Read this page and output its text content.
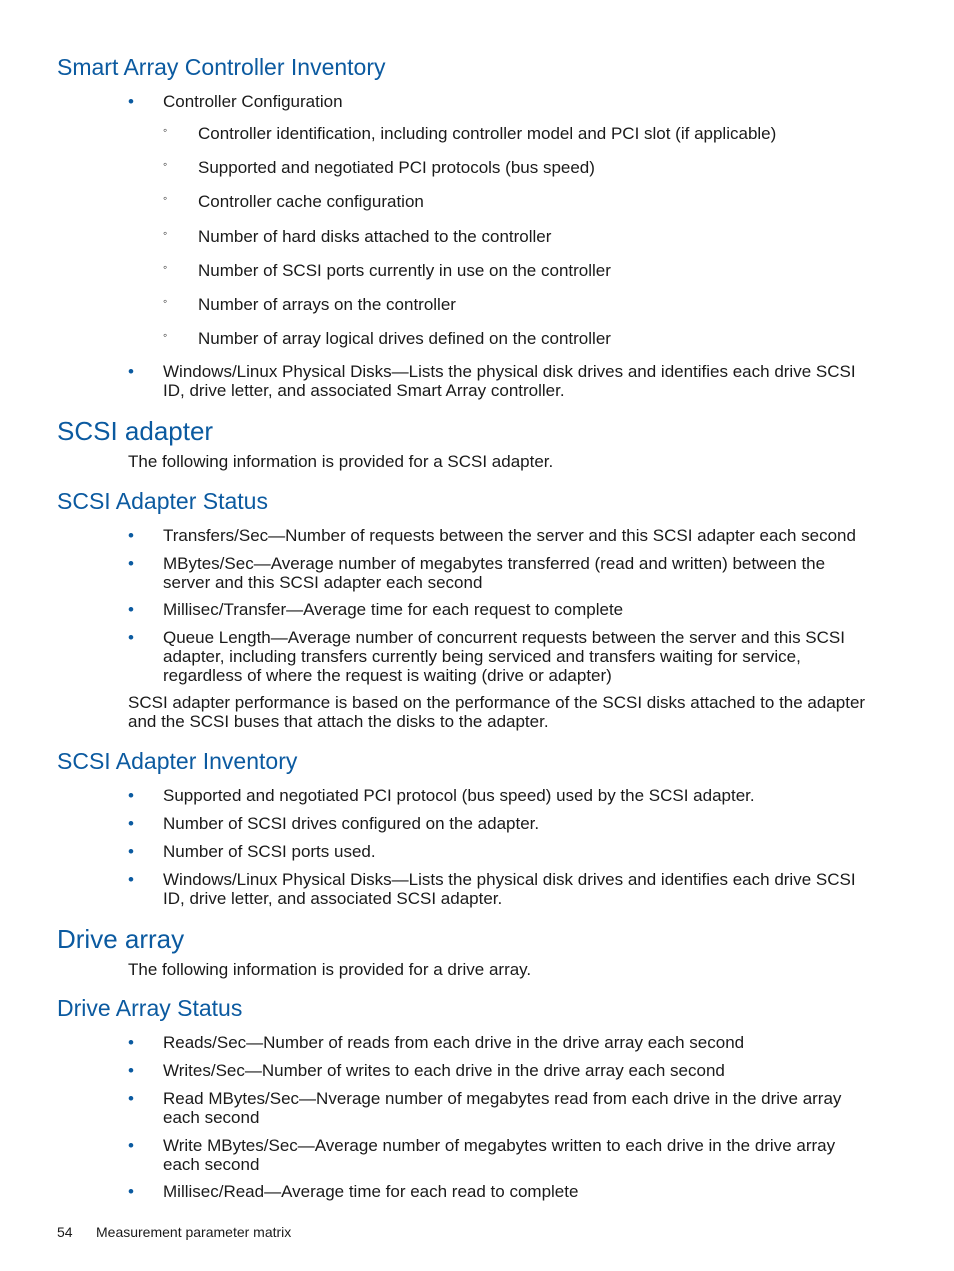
Smart Array Controller Inventory
•	Controller Configuration
◦ Controller identification, including controller model and PCI slot (if applicable)
◦ Supported and negotiated PCI protocols (bus speed)
◦ Controller cache configuration
◦ Number of hard disks attached to the controller
◦ Number of SCSI ports currently in use on the controller
◦ Number of arrays on the controller
◦ Number of array logical drives defined on the controller
•	Windows/Linux Physical Disks—Lists the physical disk drives and identifies each drive SCSI ID, drive letter, and associated Smart Array controller.
SCSI adapter
The following information is provided for a SCSI adapter.
SCSI Adapter Status
•	Transfers/Sec—Number of requests between the server and this SCSI adapter each second
•	MBytes/Sec—Average number of megabytes transferred (read and written) between the server and this SCSI adapter each second
•	Millisec/Transfer—Average time for each request to complete
•	Queue Length—Average number of concurrent requests between the server and this SCSI adapter, including transfers currently being serviced and transfers waiting for service, regardless of where the request is waiting (drive or adapter)
SCSI adapter performance is based on the performance of the SCSI disks attached to the adapter and the SCSI buses that attach the disks to the adapter.
SCSI Adapter Inventory
•	Supported and negotiated PCI protocol (bus speed) used by the SCSI adapter.
•	Number of SCSI drives configured on the adapter.
•	Number of SCSI ports used.
•	Windows/Linux Physical Disks—Lists the physical disk drives and identifies each drive SCSI ID, drive letter, and associated SCSI adapter.
Drive array
The following information is provided for a drive array.
Drive Array Status
•	Reads/Sec—Number of reads from each drive in the drive array each second
•	Writes/Sec—Number of writes to each drive in the drive array each second
•	Read MBytes/Sec—Nverage number of megabytes read from each drive in the drive array each second
•	Write MBytes/Sec—Average number of megabytes written to each drive in the drive array each second
•	Millisec/Read—Average time for each read to complete
54 Measurement parameter matrix
